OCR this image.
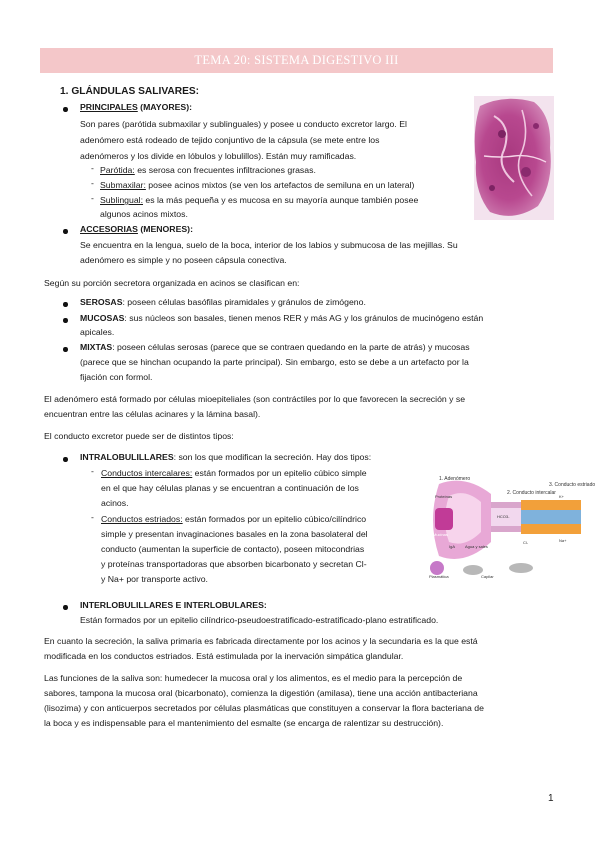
TEMA 20: SISTEMA DIGESTIVO III
1. GLÁNDULAS SALIVARES:
PRINCIPALES (MAYORES):
Son pares (parótida submaxilar y sublinguales) y posee u conducto excretor largo. El
adenómero está rodeado de tejido conjuntivo de la cápsula (se mete entre los
adenómeros y los divide en lóbulos y lobulillos). Están muy ramificadas.
- Parótida: es serosa con frecuentes infiltraciones grasas.
- Submaxilar: posee acinos mixtos (se ven los artefactos de semiluna en un lateral)
- Sublingual: es la más pequeña y es mucosa en su mayoría aunque también posee
algunos acinos mixtos.
ACCESORIAS (MENORES):
Se encuentra en la lengua, suelo de la boca, interior de los labios y submucosa de las mejillas. Su
adenómero es simple y no poseen cápsula conectiva.
Según su porción secretora organizada en acinos se clasifican en:
SEROSAS: poseen células basófilas piramidales y gránulos de zimógeno.
MUCOSAS: sus núcleos son basales, tienen menos RER y más AG y los gránulos de mucinógeno están
apicales.
MIXTAS: poseen células serosas (parece que se contraen quedando en la parte de atrás) y mucosas
(parece que se hinchan ocupando la parte principal). Sin embargo, esto se debe a un artefacto por la
fijación con formol.
El adenómero está formado por células mioepiteliales (son contráctiles por lo que favorecen la secreción y se
encuentran entre las células acinares y la lámina basal).
El conducto excretor puede ser de distintos tipos:
INTRALOBULILLARES: son los que modifican la secreción. Hay dos tipos:
- Conductos intercalares: están formados por un epitelio cúbico simple
en el que hay células planas y se encuentran a continuación de los
acinos.
- Conductos estriados: están formados por un epitelio cúbico/cilíndrico
simple y presentan invaginaciones basales en la zona basolateral del
conducto (aumentan la superficie de contacto), poseen mitocondrias
y proteínas transportadoras que absorben bicarbonato y secretan Cl-
y Na+ por transporte activo.
INTERLOBULILLARES E INTERLOBULARES:
Están formados por un epitelio cilíndrico-pseudoestratificado-estratificado-plano estratificado.
En cuanto la secreción, la saliva primaria es fabricada directamente por los acinos y la secundaria es la que está
modificada en los conductos estriados. Está estimulada por la inervación simpática glandular.
Las funciones de la saliva son: humedecer la mucosa oral y los alimentos, es el medio para la percepción de
sabores, tampona la mucosa oral (bicarbonato), comienza la digestión (amilasa), tiene una acción antibacteriana
(lisozima) y con anticuerpos secretados por células plasmáticas que constituyen a conservar la flora bacteriana de
la boca y es indispensable para el mantenimiento del esmalte (se encarga de ralentizar su destrucción).
1. Adenómero
2. Conducto intercalar
3. Conducto estriado
Proteínas
Mucinas
IgA Agua y sales
Plasmática	Capilar
HCO3-
Cl-
K+
Na+
1
